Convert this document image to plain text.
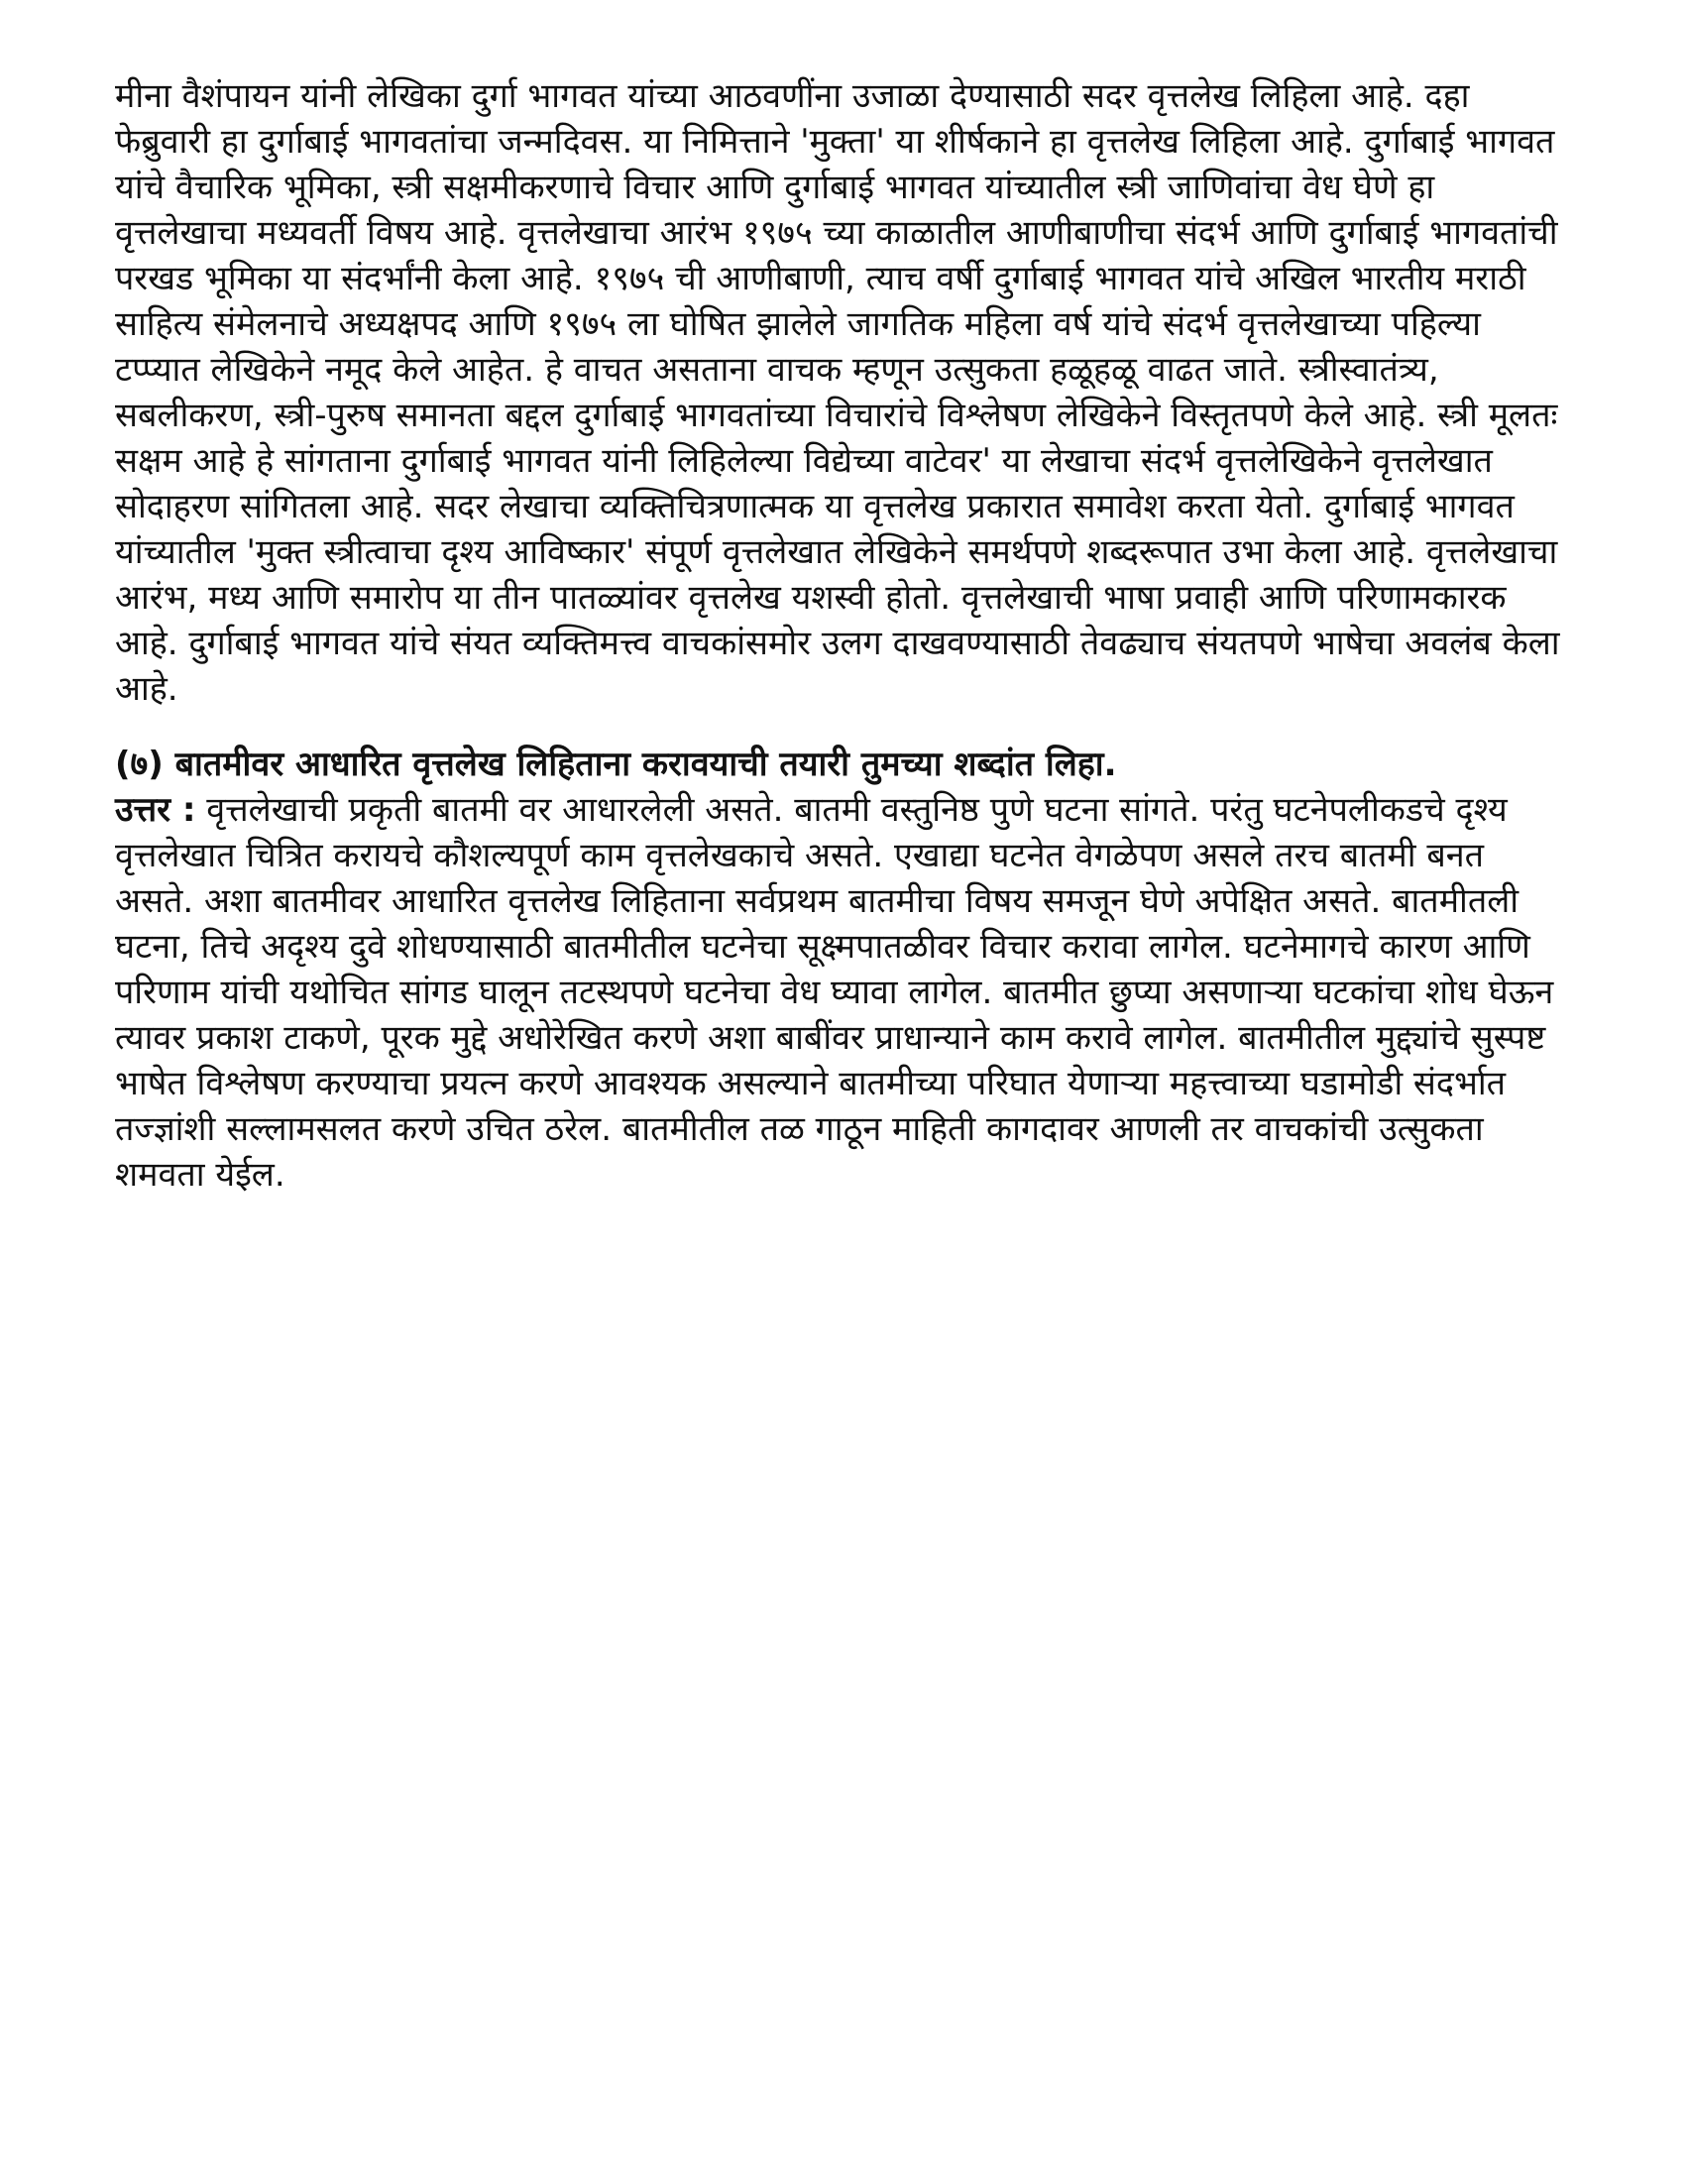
मीना वैशंपायन यांनी लेखिका दुर्गा भागवत यांच्या आठवणींना उजाळा देण्यासाठी सदर वृत्तलेख लिहिला आहे. दहा फेब्रुवारी हा दुर्गाबाई भागवतांचा जन्मदिवस. या निमित्ताने 'मुक्ता' या शीर्षकाने हा वृत्तलेख लिहिला आहे. दुर्गाबाई भागवत यांचे वैचारिक भूमिका, स्त्री सक्षमीकरणाचे विचार आणि दुर्गाबाई भागवत यांच्यातील स्त्री जाणिवांचा वेध घेणे हा वृत्तलेखाचा मध्यवर्ती विषय आहे. वृत्तलेखाचा आरंभ १९७५ च्या काळातील आणीबाणीचा संदर्भ आणि दुर्गाबाई भागवतांची परखड भूमिका या संदर्भांनी केला आहे. १९७५ ची आणीबाणी, त्याच वर्षी दुर्गाबाई भागवत यांचे अखिल भारतीय मराठी साहित्य संमेलनाचे अध्यक्षपद आणि १९७५ ला घोषित झालेले जागतिक महिला वर्ष यांचे संदर्भ वृत्तलेखाच्या पहिल्या टप्प्यात लेखिकेने नमूद केले आहेत. हे वाचत असताना वाचक म्हणून उत्सुकता हळूहळू वाढत जाते. स्त्रीस्वातंत्र्य, सबलीकरण, स्त्री-पुरुष समानता बद्दल दुर्गाबाई भागवतांच्या विचारांचे विश्लेषण लेखिकेने विस्तृतपणे केले आहे. स्त्री मूलतः सक्षम आहे हे सांगताना दुर्गाबाई भागवत यांनी लिहिलेल्या विद्येच्या वाटेवर' या लेखाचा संदर्भ वृत्तलेखिकेने वृत्तलेखात सोदाहरण सांगितला आहे. सदर लेखाचा व्यक्तिचित्रणात्मक या वृत्तलेख प्रकारात समावेश करता येतो. दुर्गाबाई भागवत यांच्यातील 'मुक्त स्त्रीत्वाचा दृश्य आविष्कार' संपूर्ण वृत्तलेखात लेखिकेने समर्थपणे शब्दरूपात उभा केला आहे. वृत्तलेखाचा आरंभ, मध्य आणि समारोप या तीन पातळ्यांवर वृत्तलेख यशस्वी होतो. वृत्तलेखाची भाषा प्रवाही आणि परिणामकारक आहे. दुर्गाबाई भागवत यांचे संयत व्यक्तिमत्त्व वाचकांसमोर उलग दाखवण्यासाठी तेवढ्याच संयतपणे भाषेचा अवलंब केला आहे.

(७) बातमीवर आधारित वृत्तलेख लिहिताना करावयाची तयारी तुमच्या शब्दांत लिहा.

उत्तर : वृत्तलेखाची प्रकृती बातमी वर आधारलेली असते. बातमी वस्तुनिष्ठ पुणे घटना सांगते. परंतु घटनेपलीकडचे दृश्य वृत्तलेखात चित्रित करायचे कौशल्यपूर्ण काम वृत्तलेखकाचे असते. एखाद्या घटनेत वेगळेपण असले तरच बातमी बनत असते. अशा बातमीवर आधारित वृत्तलेख लिहिताना सर्वप्रथम बातमीचा विषय समजून घेणे अपेक्षित असते. बातमीतली घटना, तिचे अदृश्य दुवे शोधण्यासाठी बातमीतील घटनेचा सूक्ष्मपातळीवर विचार करावा लागेल. घटनेमागचे कारण आणि परिणाम यांची यथोचित सांगड घालून तटस्थपणे घटनेचा वेध घ्यावा लागेल. बातमीत छुप्या असणाऱ्या घटकांचा शोध घेऊन त्यावर प्रकाश टाकणे, पूरक मुद्दे अधोरेखित करणे अशा बाबींवर प्राधान्याने काम करावे लागेल. बातमीतील मुद्द्यांचे सुस्पष्ट भाषेत विश्लेषण करण्याचा प्रयत्न करणे आवश्यक असल्याने बातमीच्या परिघात येणाऱ्या महत्त्वाच्या घडामोडी संदर्भात तज्ज्ञांशी सल्लामसलत करणे उचित ठरेल. बातमीतील तळ गाठून माहिती कागदावर आणली तर वाचकांची उत्सुकता शमवता येईल.
